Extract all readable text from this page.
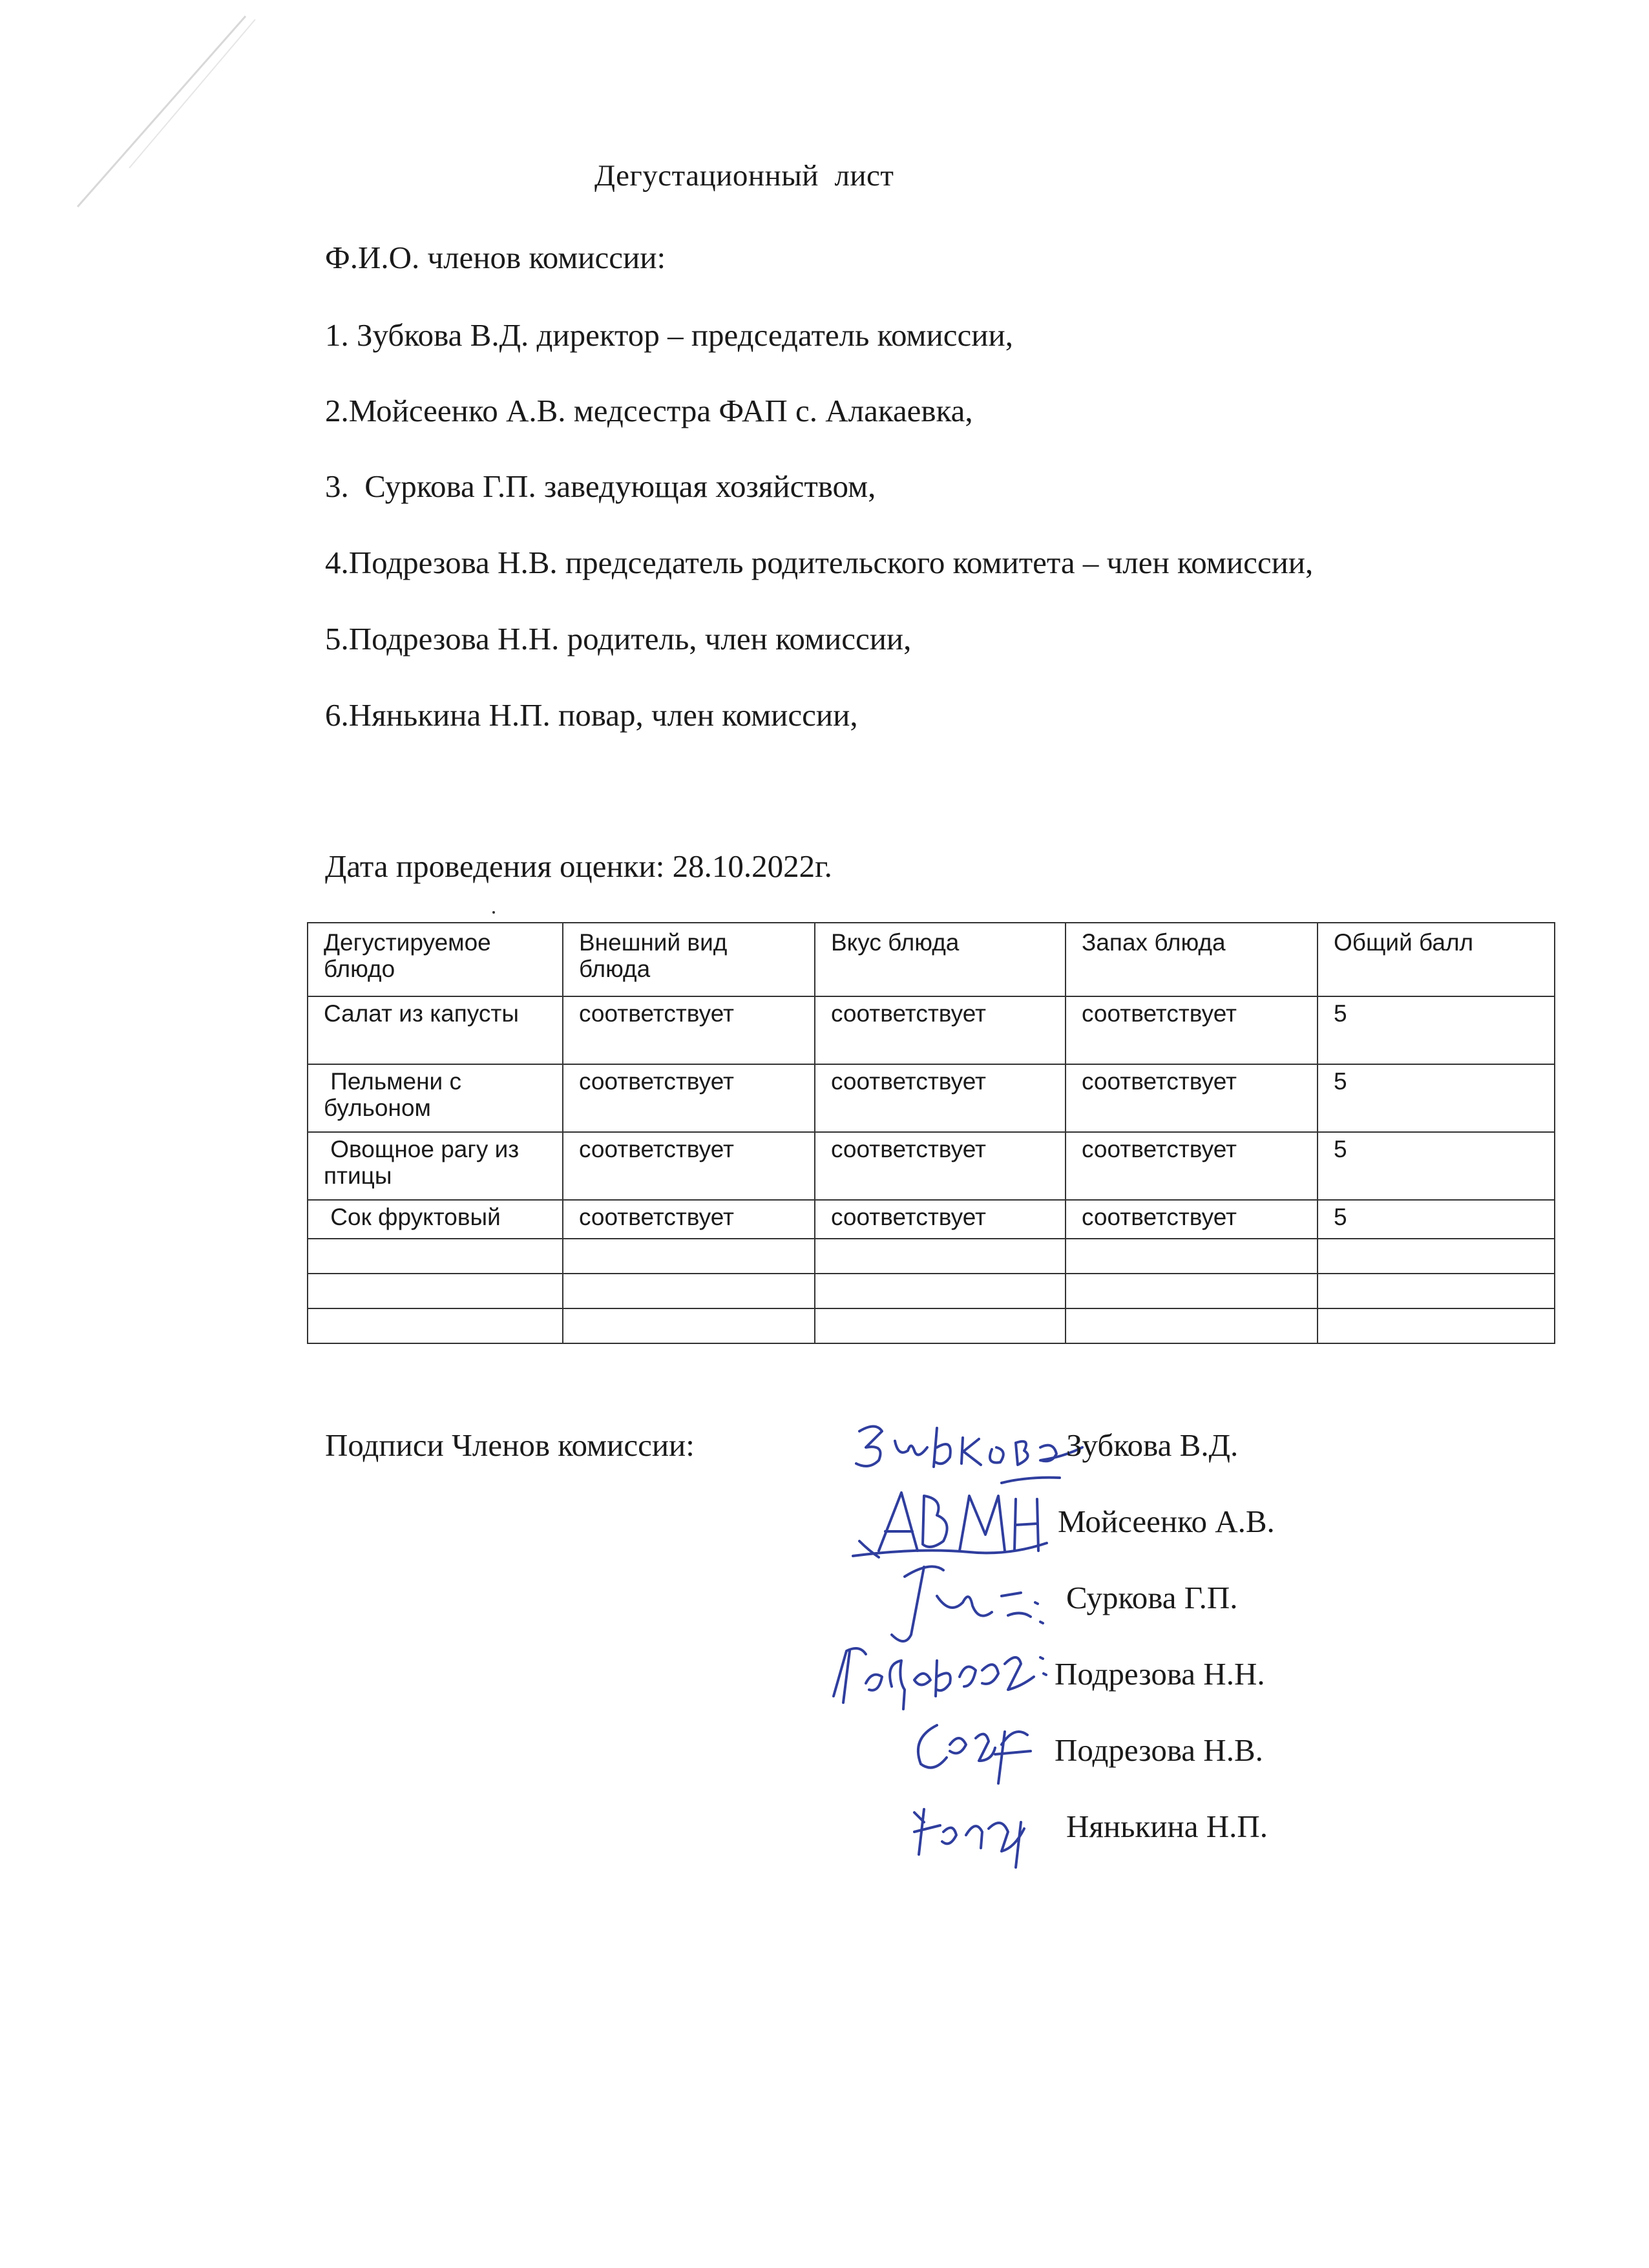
Дегустационный  лист
Ф.И.О. членов комиссии:
1. Зубкова В.Д. директор – председатель комиссии,
2.Мойсеенко А.В. медсестра ФАП с. Алакаевка,
3.  Суркова Г.П. заведующая хозяйством,
4.Подрезова Н.В. председатель родительского комитета – член комиссии,
5.Подрезова Н.Н. родитель, член комиссии,
6.Нянькина Н.П. повар, член комиссии,
Дата проведения оценки: 28.10.2022г.
Дегустируемое блюдо	Внешний вид блюда	Вкус блюда	Запах блюда	Общий балл
Салат из капусты	соответствует	соответствует	соответствует	5
Пельмени с бульоном	соответствует	соответствует	соответствует	5
Овощное рагу из птицы	соответствует	соответствует	соответствует	5
Сок фруктовый	соответствует	соответствует	соответствует	5

Подписи Членов комиссии:	Зубкова В.Д.
Мойсеенко А.В.
Суркова Г.П.
Подрезова Н.Н.
Подрезова Н.В.
Нянькина Н.П.
